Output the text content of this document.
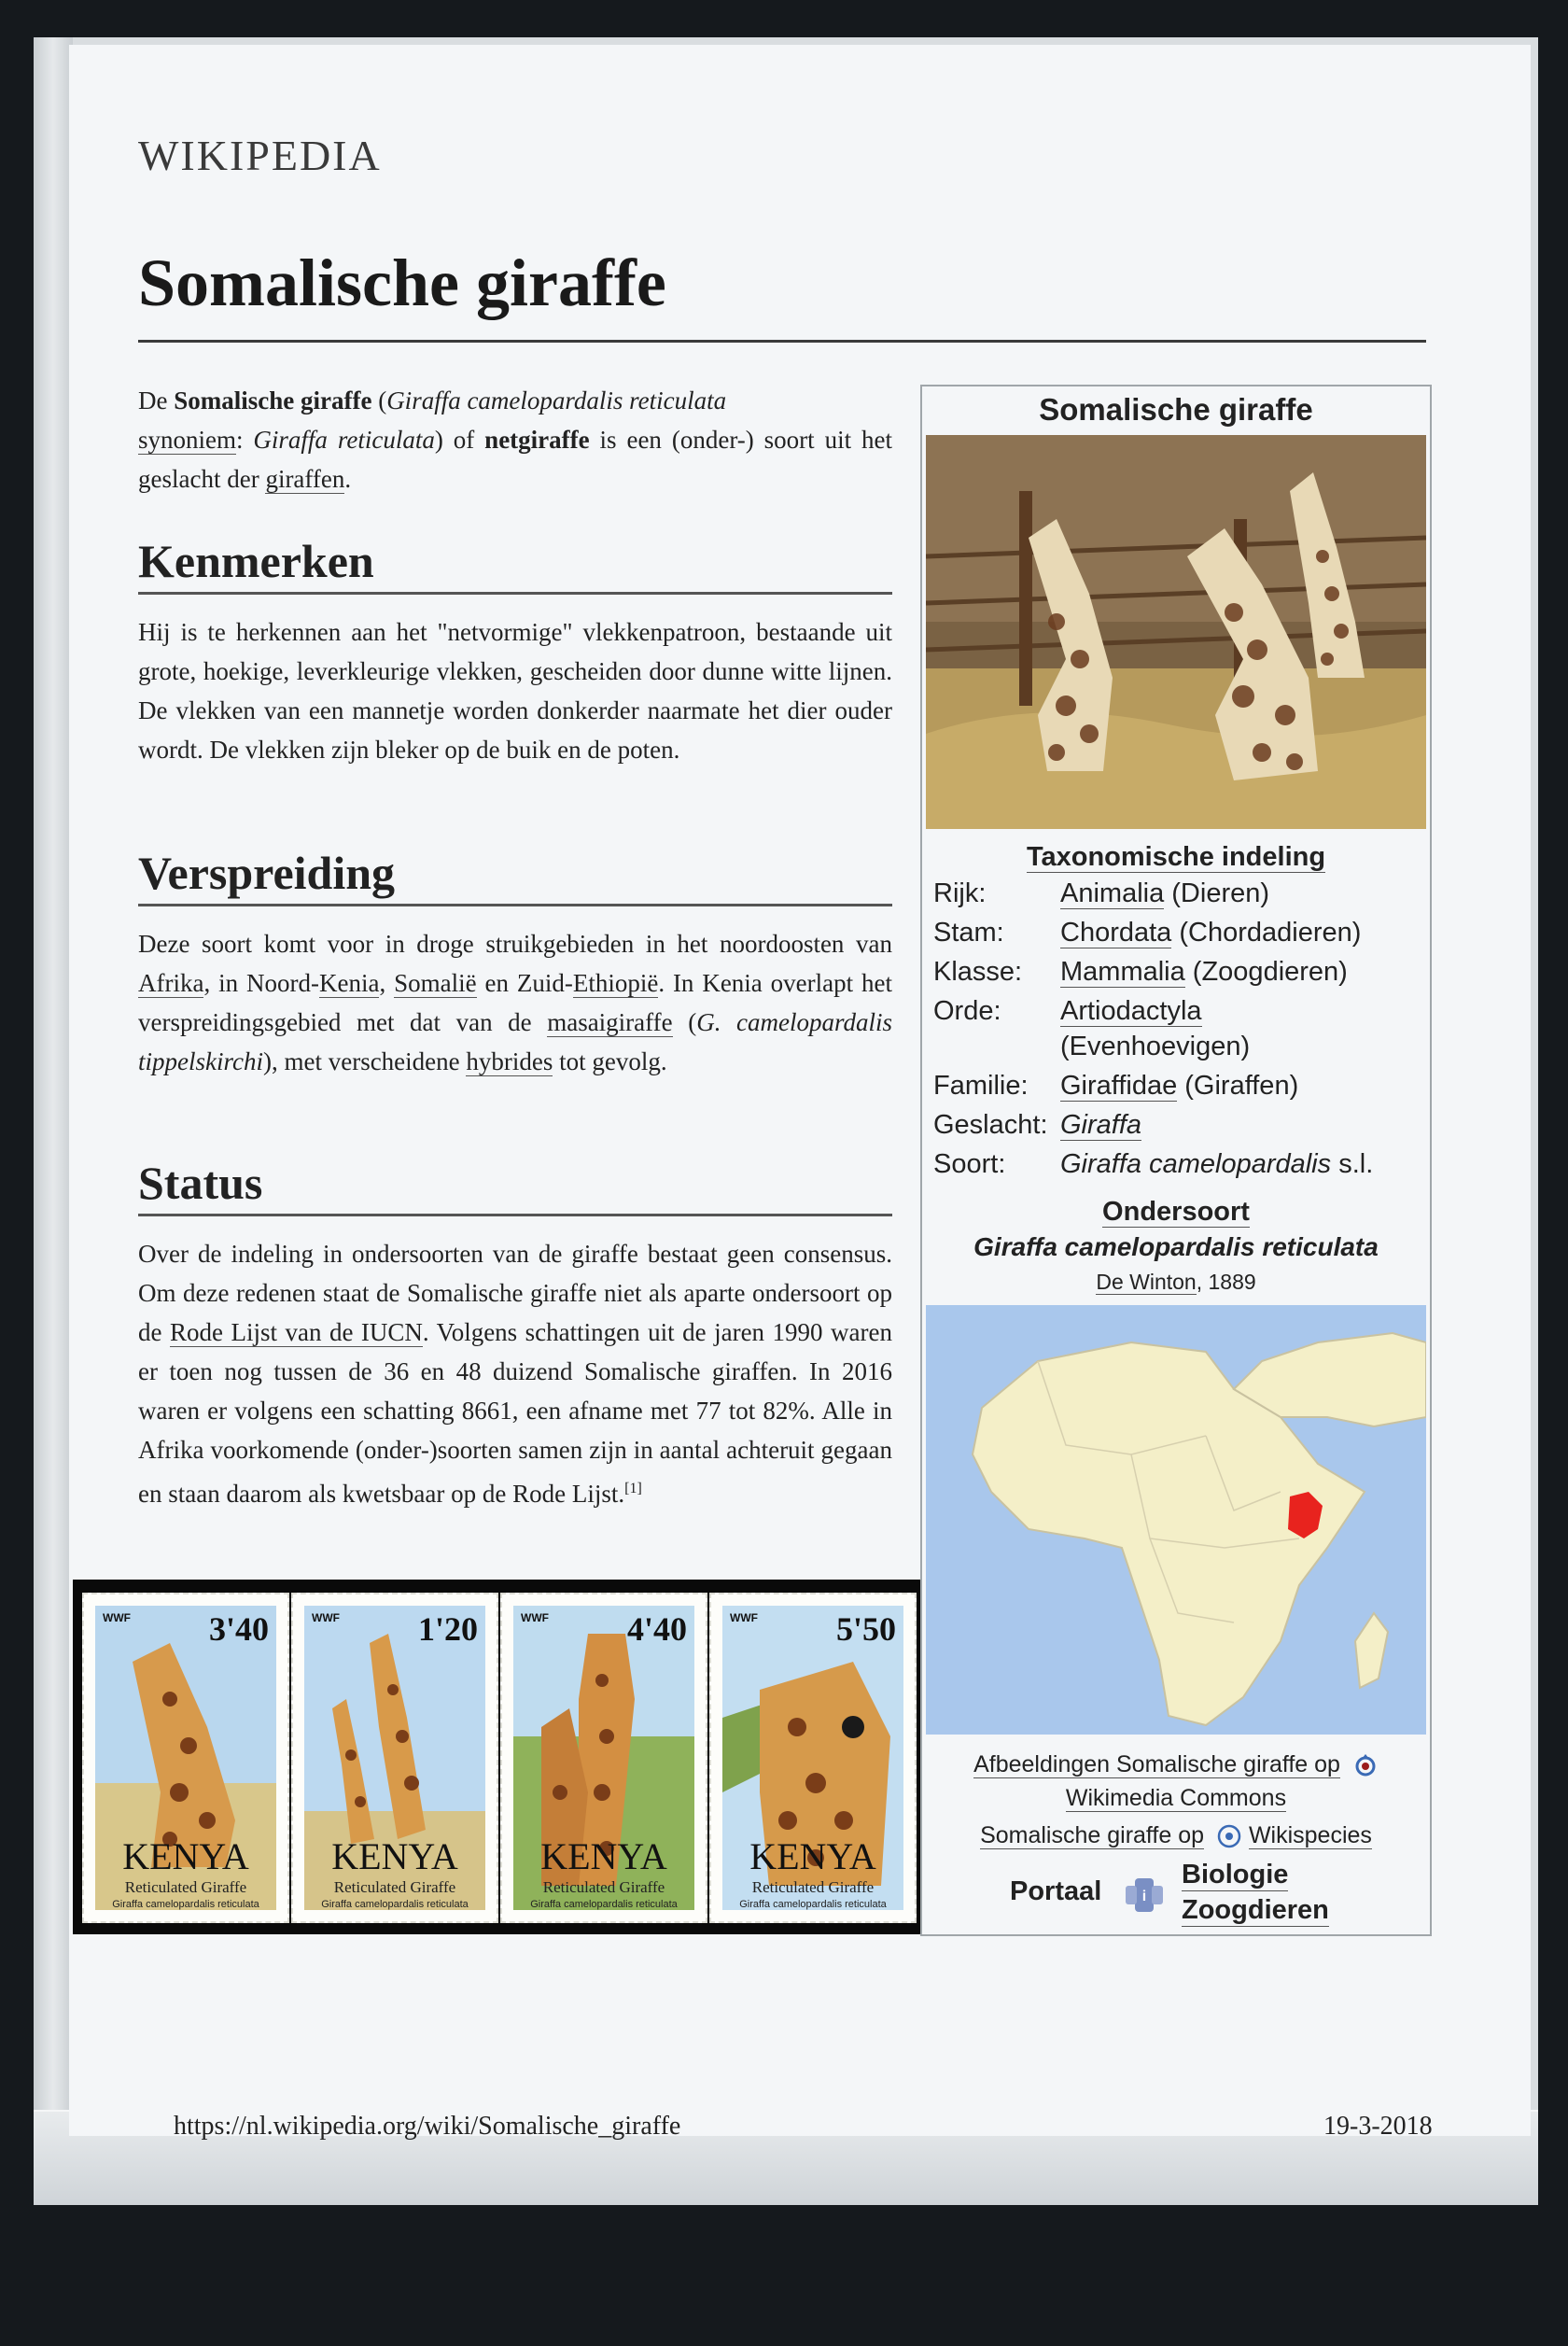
WIKIPEDIA
Somalische giraffe

De Somalische giraffe (Giraffa camelopardalis reticulata
synoniem: Giraffa reticulata) of netgiraffe is een (onder-) soort uit het geslacht der giraffen.

Kenmerken

Hij is te herkennen aan het "netvormige" vlekkenpatroon, bestaande uit grote, hoekige, leverkleurige vlekken, gescheiden door dunne witte lijnen. De vlekken van een mannetje worden donkerder naarmate het dier ouder wordt. De vlekken zijn bleker op de buik en de poten.

Verspreiding

Deze soort komt voor in droge struikgebieden in het noordoosten van Afrika, in Noord-Kenia, Somalië en Zuid-Ethiopië. In Kenia overlapt het verspreidingsgebied met dat van de masaigiraffe (G. camelopardalis tippelskirchi), met verscheidene hybrides tot gevolg.

Status

Over de indeling in ondersoorten van de giraffe bestaat geen consensus. Om deze redenen staat de Somalische giraffe niet als aparte ondersoort op de Rode Lijst van de IUCN. Volgens schattingen uit de jaren 1990 waren er toen nog tussen de 36 en 48 duizend Somalische giraffen. In 2016 waren er volgens een schatting 8661, een afname met 77 tot 82%. Alle in Afrika voorkomende (onder-)soorten samen zijn in aantal achteruit gegaan en staan daarom als kwetsbaar op de Rode Lijst.[1]

Somalische giraffe
Taxonomische indeling
Rijk:	Animalia (Dieren)
Stam: Chordata (Chordadieren)
Klasse: Mammalia (Zoogdieren)
Orde: Artiodactyla
(Evenhoevigen)
Familie: Giraffidae (Giraffen)
Geslacht: Giraffa
Soort: Giraffa camelopardalis s.l.
Ondersoort
Giraffa camelopardalis reticulata
De Winton, 1889
Afbeeldingen Somalische giraffe op
Wikimedia Commons
Somalische giraffe op Wikispecies
Portaal	i
Biologie
Zoogdieren
WWF 3'40
KENYA
Reticulated Giraffe
Giraffa camelopardalis reticulata
WWF 1'20
KENYA
Reticulated Giraffe
Giraffa camelopardalis reticulata
WWF 4'40
KENYA
Reticulated Giraffe
Giraffa camelopardalis reticulata
WWF 5'50
KENYA
Reticulated Giraffe
Giraffa camelopardalis reticulata
https://nl.wikipedia.org/wiki/Somalische_giraffe	19-3-2018
